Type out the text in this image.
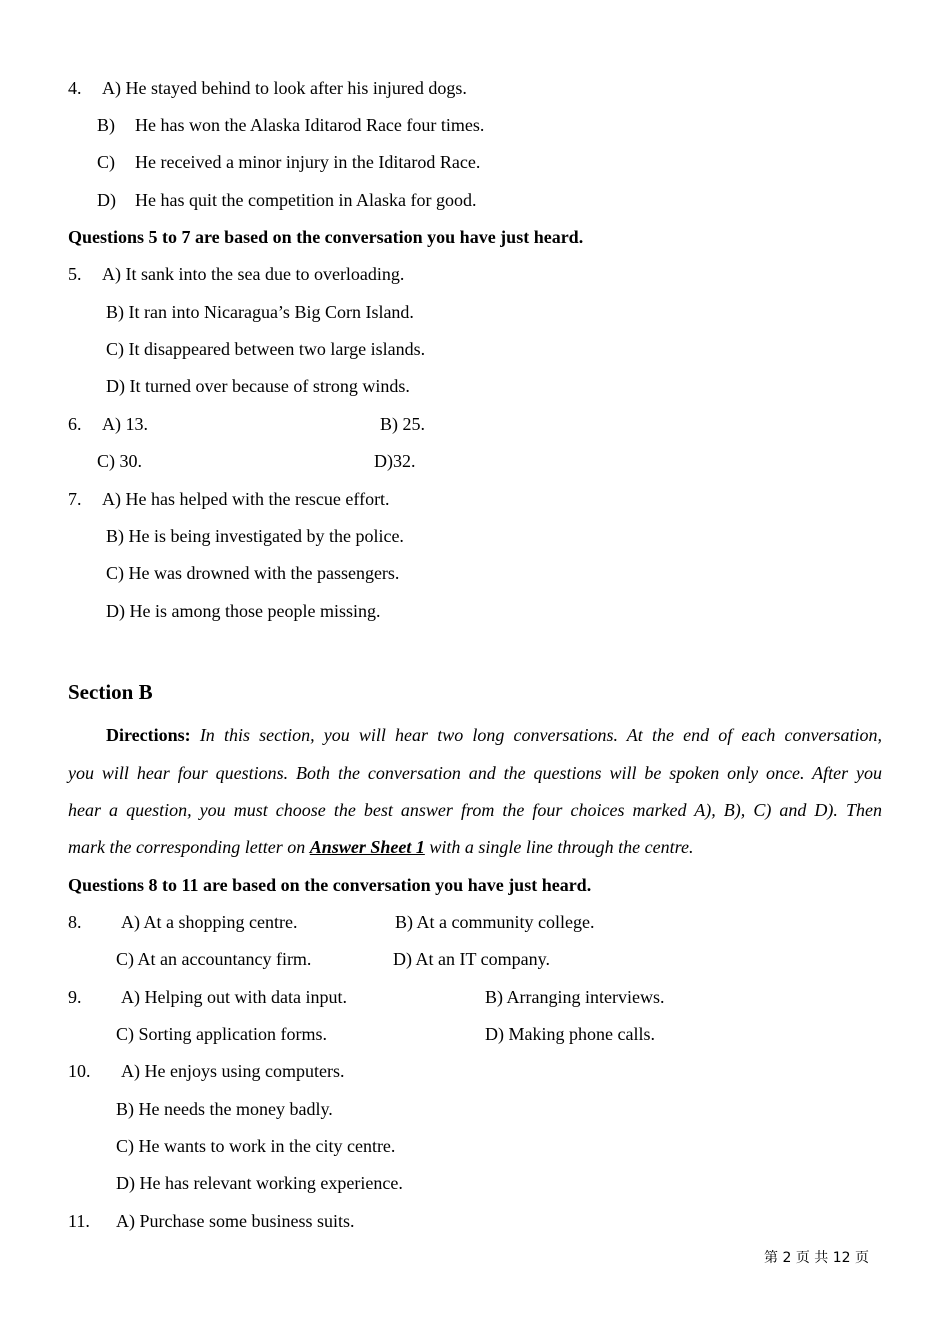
4. A) He stayed behind to look after his injured dogs.
B) He has won the Alaska Iditarod Race four times.
C) He received a minor injury in the Iditarod Race.
D) He has quit the competition in Alaska for good.
Questions 5 to 7 are based on the conversation you have just heard.
5. A) It sank into the sea due to overloading.
B) It ran into Nicaragua’s Big Corn Island.
C) It disappeared between two large islands.
D) It turned over because of strong winds.
6. A) 13.	B) 25.
C) 30.	D)32.
7. A) He has helped with the rescue effort.
B) He is being investigated by the police.
C) He was drowned with the passengers.
D) He is among those people missing.
Section B
Directions: In this section, you will hear two long conversations. At the end of each conversation,
you will hear four questions. Both the conversation and the questions will be spoken only once. After you
hear a question, you must choose the best answer from the four choices marked A), B), C) and D). Then
mark the corresponding letter on Answer Sheet 1 with a single line through the centre.
Questions 8 to 11 are based on the conversation you have just heard.
8. A) At a shopping centre.	B) At a community college.
C) At an accountancy firm.	D) At an IT company.
9. A) Helping out with data input.	B) Arranging interviews.
C) Sorting application forms.	D) Making phone calls.
10. A) He enjoys using computers.
B) He needs the money badly.
C) He wants to work in the city centre.
D) He has relevant working experience.
11. A) Purchase some business suits.
第 2 页 共 12 页
